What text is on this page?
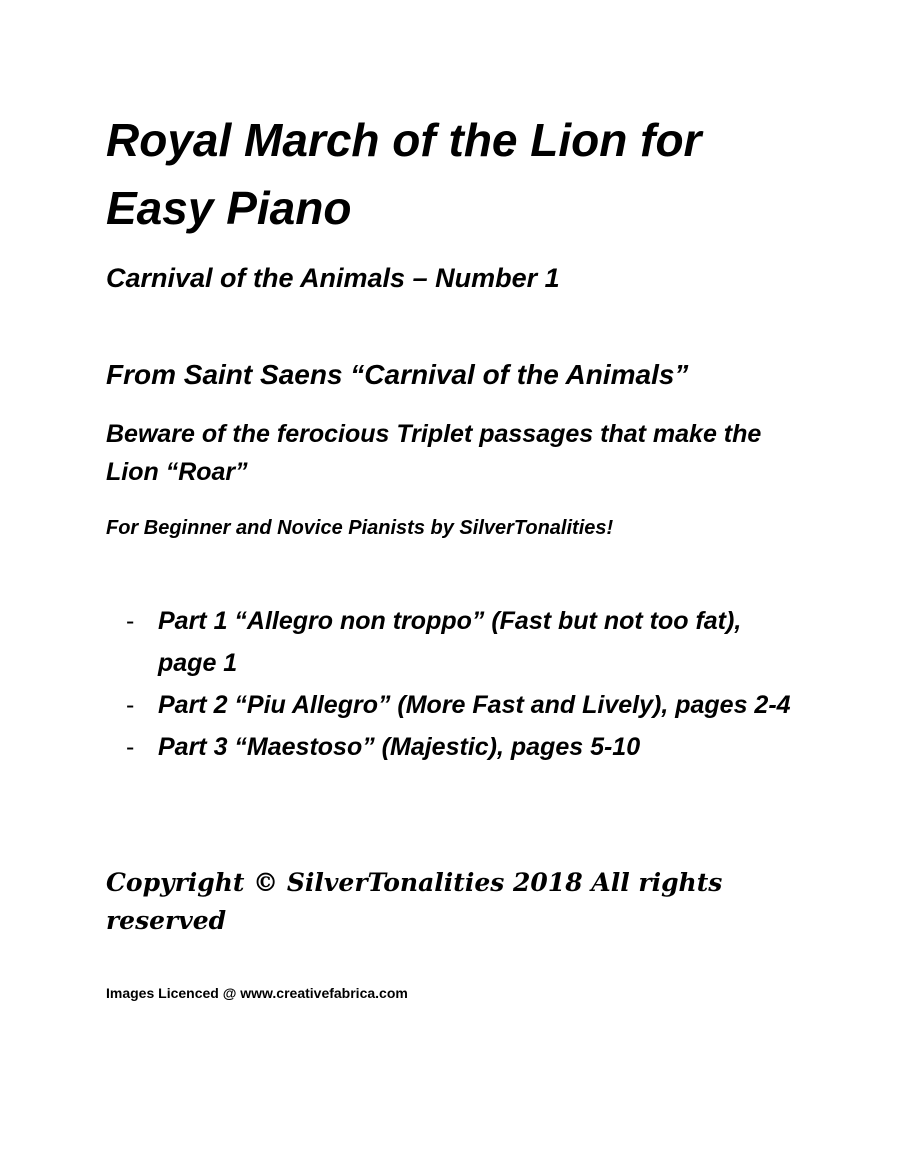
Royal March of the Lion for Easy Piano
Carnival of the Animals – Number 1
From Saint Saens “Carnival of the Animals”
Beware of the ferocious Triplet passages that make the Lion “Roar”

For Beginner and Novice Pianists by SilverTonalities!

- Part 1 “Allegro non troppo” (Fast but not too fat), page 1
- Part 2 “Piu Allegro” (More Fast and Lively), pages 2-4
- Part 3 “Maestoso” (Majestic), pages 5-10

Copyright © SilverTonalities 2018 All rights reserved

Images Licenced @ www.creativefabrica.com
